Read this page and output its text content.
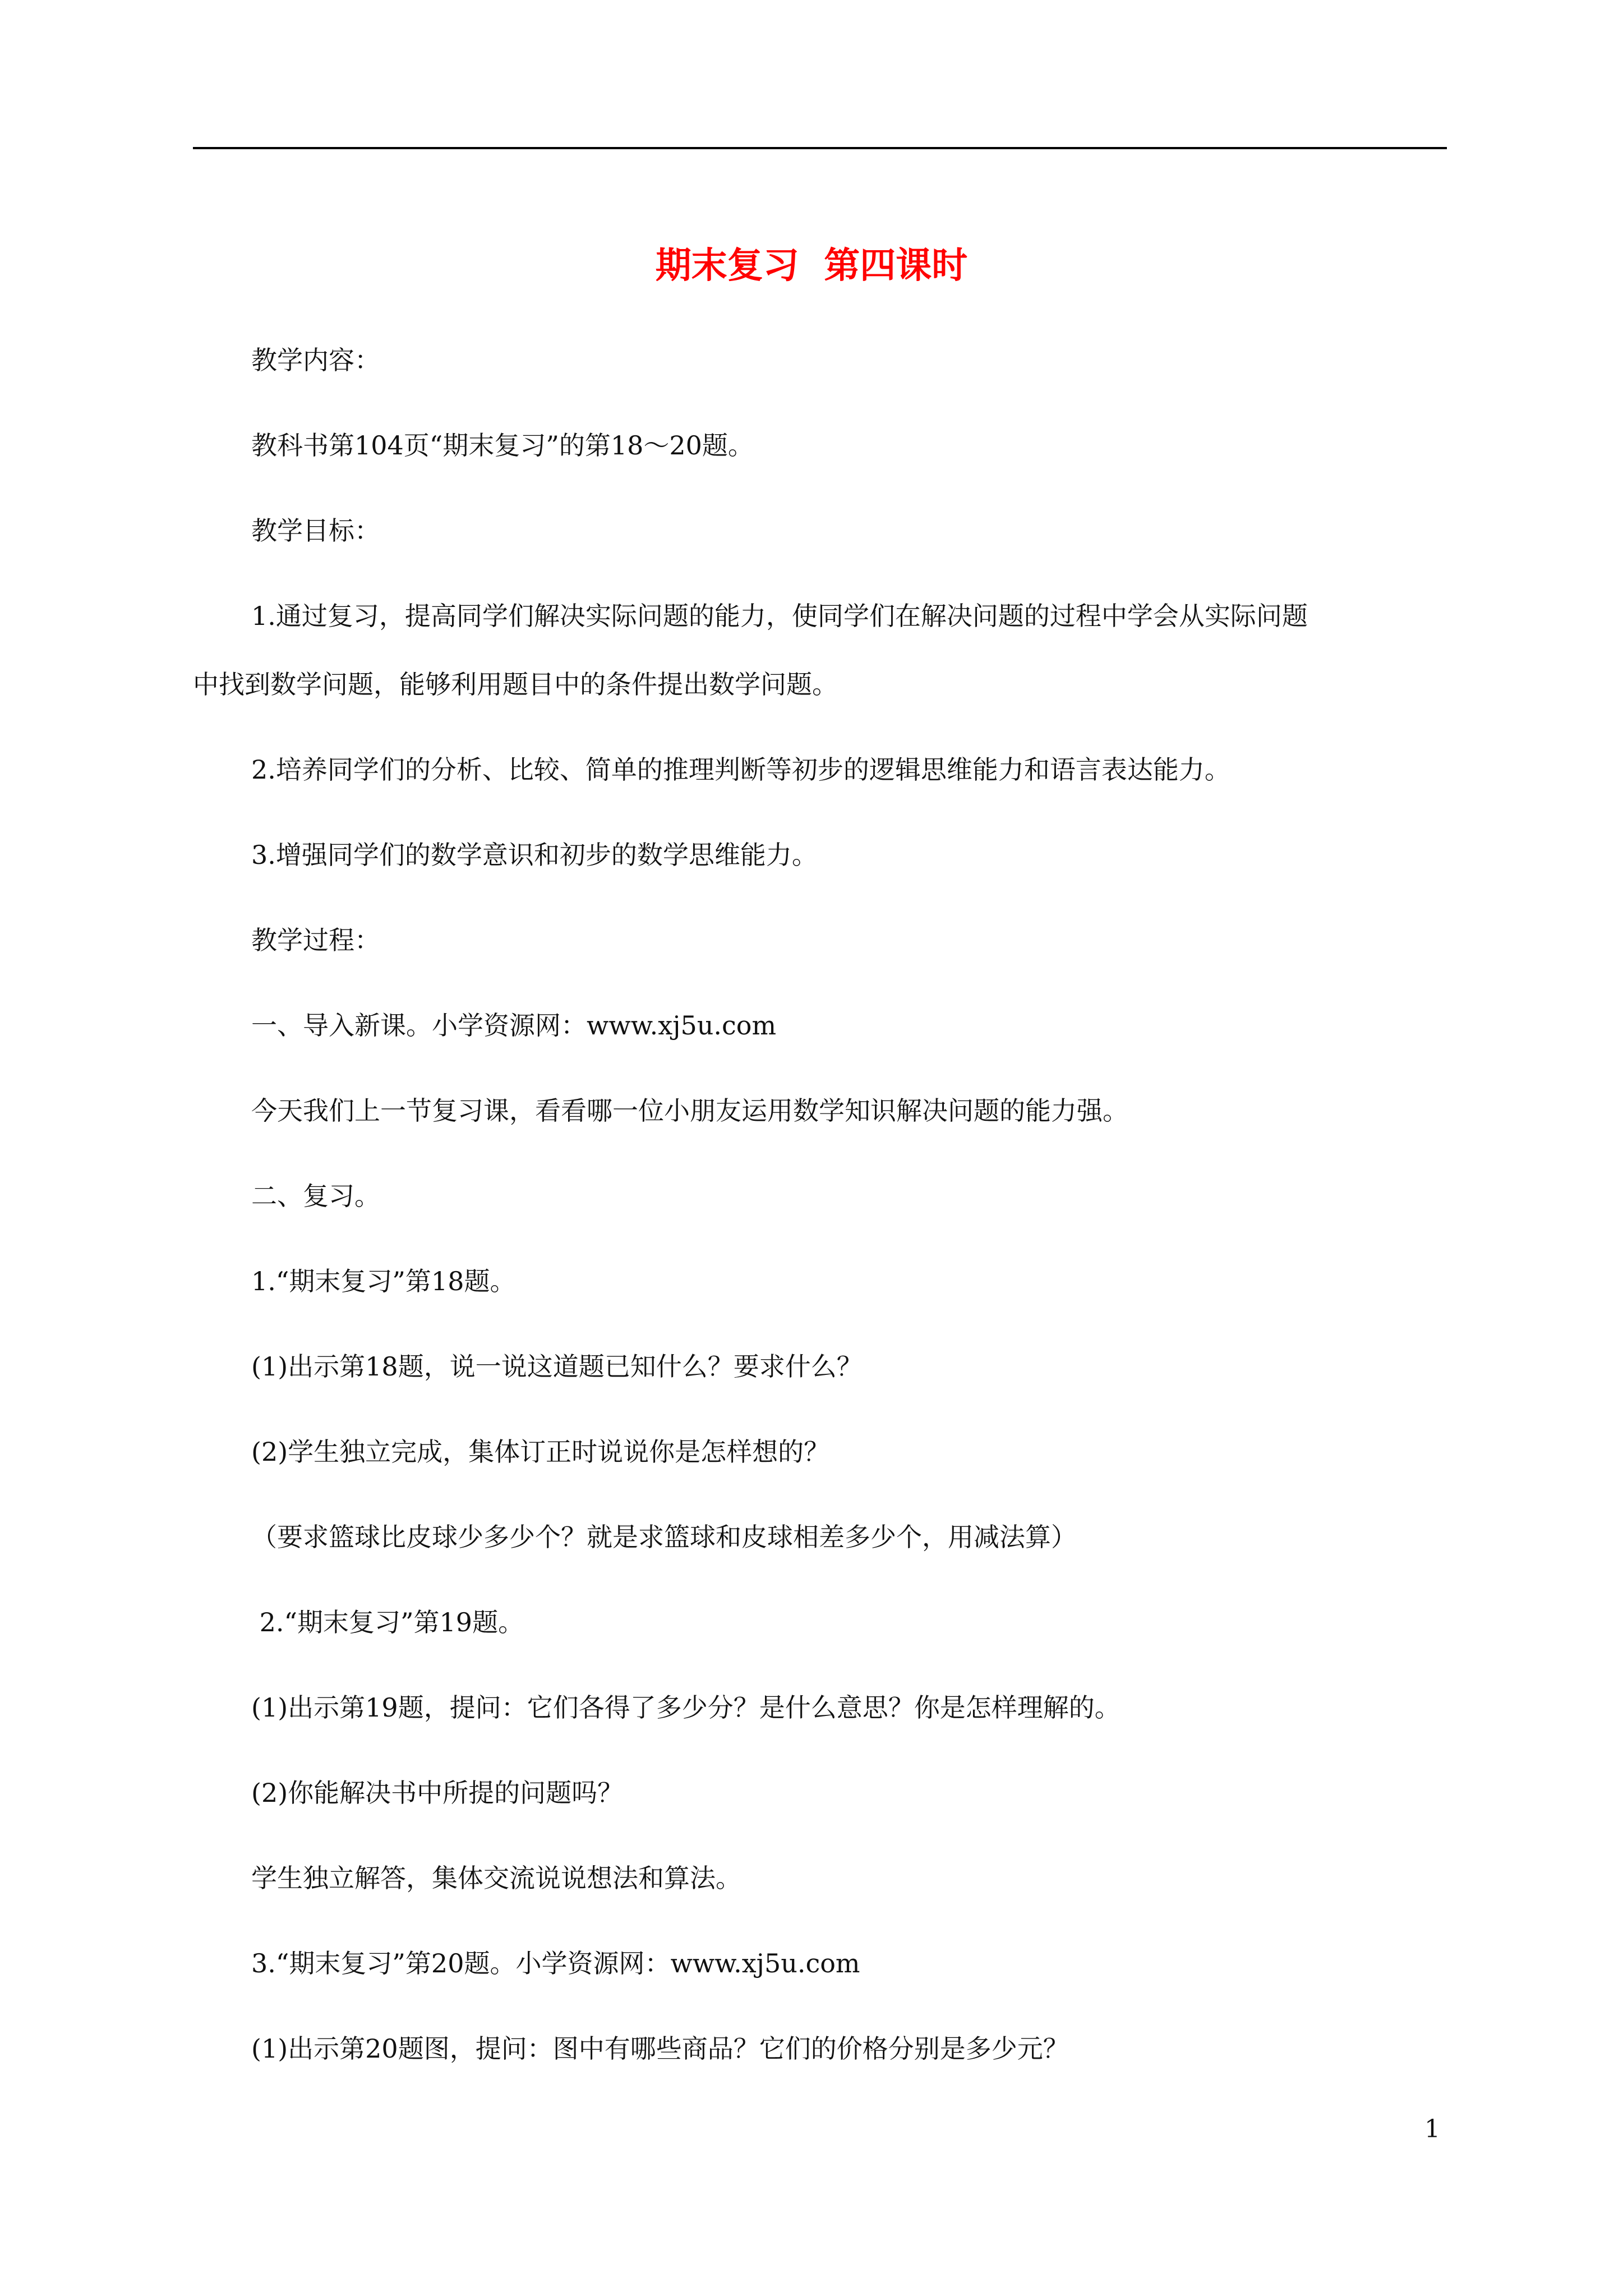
期末复习  第四课时
教学内容：
教科书第104页“期末复习”的第18～20题。
教学目标：
1.通过复习，提高同学们解决实际问题的能力，使同学们在解决问题的过程中学会从实际问题
中找到数学问题，能够利用题目中的条件提出数学问题。
2.培养同学们的分析、比较、简单的推理判断等初步的逻辑思维能力和语言表达能力。
3.增强同学们的数学意识和初步的数学思维能力。
教学过程：
一、导入新课。小学资源网：www.xj5u.com
今天我们上一节复习课，看看哪一位小朋友运用数学知识解决问题的能力强。
二、复习。
1.“期末复习”第18题。
(1)出示第18题，说一说这道题已知什么？要求什么？
(2)学生独立完成，集体订正时说说你是怎样想的？
（要求篮球比皮球少多少个？就是求篮球和皮球相差多少个，用减法算）
2.“期末复习”第19题。
(1)出示第19题，提问：它们各得了多少分？是什么意思？你是怎样理解的。
(2)你能解决书中所提的问题吗？
学生独立解答，集体交流说说想法和算法。
3.“期末复习”第20题。小学资源网：www.xj5u.com
(1)出示第20题图，提问：图中有哪些商品？它们的价格分别是多少元？
1
